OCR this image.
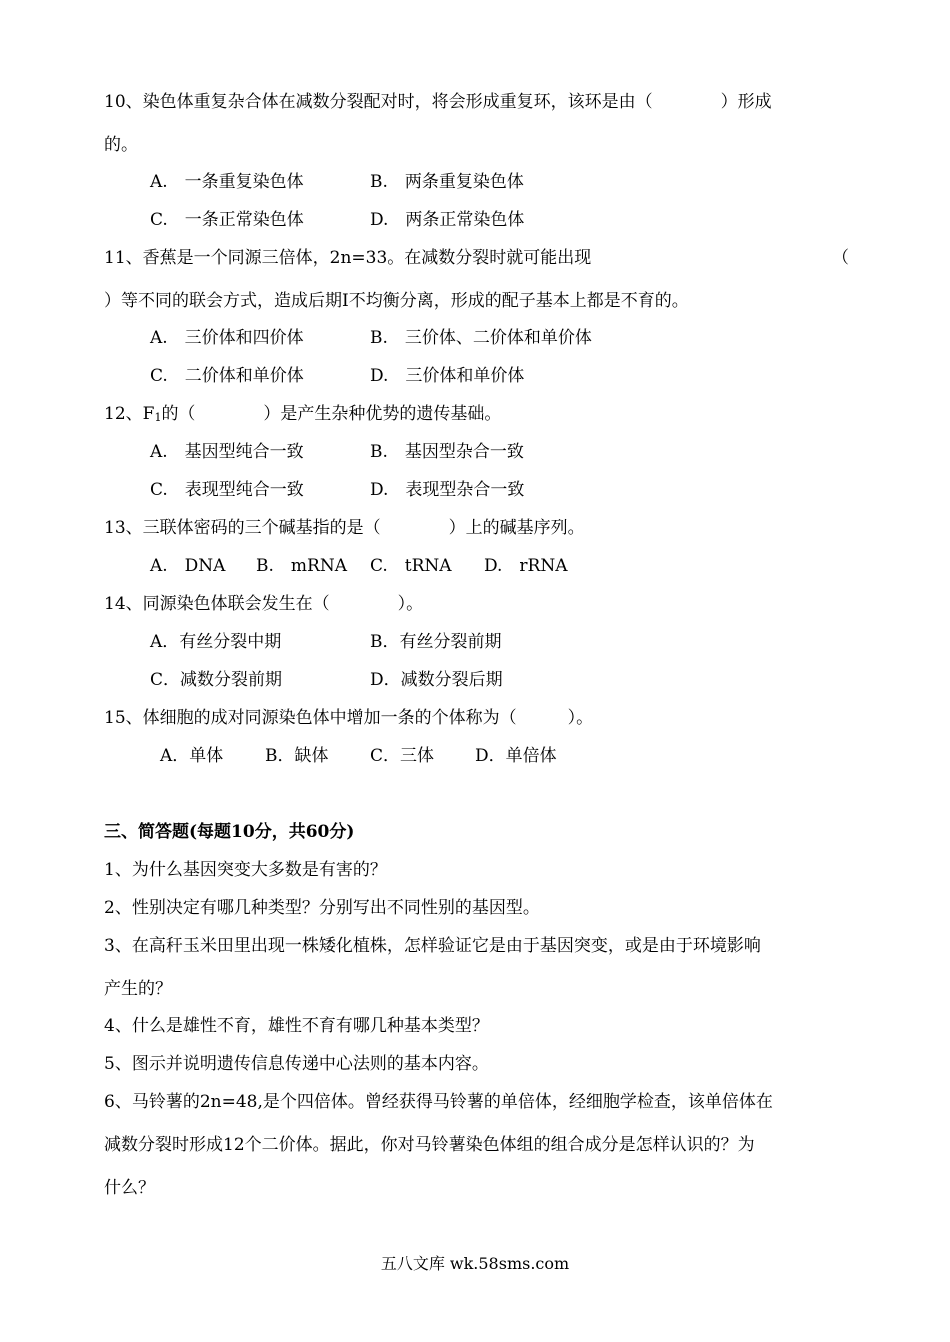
10、染色体重复杂合体在减数分裂配对时，将会形成重复环，该环是由（　　　　）形成
的。
A.　一条重复染色体	B.　两条重复染色体
C.　一条正常染色体	D.　两条正常染色体
11、香蕉是一个同源三倍体，2n=33。在减数分裂时就可能出现	（
）等不同的联会方式，造成后期Ⅰ不均衡分离，形成的配子基本上都是不育的。
A.　三价体和四价体	B.　三价体、二价体和单价体
C.　二价体和单价体	D.　三价体和单价体
12、F1的（　　　　）是产生杂种优势的遗传基础。
A.　基因型纯合一致	B.　基因型杂合一致
C.　表现型纯合一致	D.　表现型杂合一致
13、三联体密码的三个碱基指的是（　　　　）上的碱基序列。
A.　DNA B.　mRNA C.　tRNA D.　rRNA
14、同源染色体联会发生在（　　　　）。
A．有丝分裂中期	B．有丝分裂前期
C．减数分裂前期	D．减数分裂后期
15、体细胞的成对同源染色体中增加一条的个体称为（　　　）。
A．单体 B．缺体 C．三体 D．单倍体
三、简答题(每题10分，共60分)
1、为什么基因突变大多数是有害的？
2、性别决定有哪几种类型？分别写出不同性别的基因型。
3、在高秆玉米田里出现一株矮化植株，怎样验证它是由于基因突变，或是由于环境影响
产生的？
4、什么是雄性不育，雄性不育有哪几种基本类型？
5、图示并说明遗传信息传递中心法则的基本内容。
6、马铃薯的2n=48,是个四倍体。曾经获得马铃薯的单倍体，经细胞学检查，该单倍体在
减数分裂时形成12个二价体。据此，你对马铃薯染色体组的组合成分是怎样认识的？为
什么？
五八文库 wk.58sms.com
